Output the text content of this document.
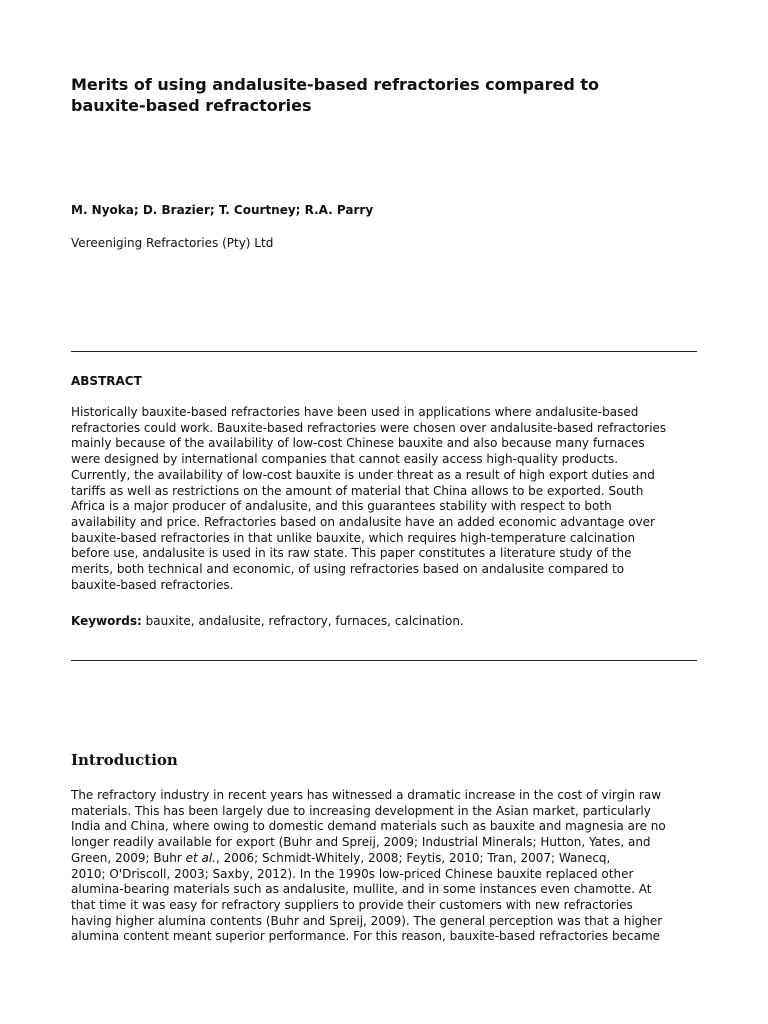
Merits of using andalusite-based refractories compared to
bauxite-based refractories

M. Nyoka; D. Brazier; T. Courtney; R.A. Parry

Vereeniging Refractories (Pty) Ltd

ABSTRACT

Historically bauxite-based refractories have been used in applications where andalusite-based
refractories could work. Bauxite-based refractories were chosen over andalusite-based refractories
mainly because of the availability of low-cost Chinese bauxite and also because many furnaces
were designed by international companies that cannot easily access high-quality products.
Currently, the availability of low-cost bauxite is under threat as a result of high export duties and
tariffs as well as restrictions on the amount of material that China allows to be exported. South
Africa is a major producer of andalusite, and this guarantees stability with respect to both
availability and price. Refractories based on andalusite have an added economic advantage over
bauxite-based refractories in that unlike bauxite, which requires high-temperature calcination
before use, andalusite is used in its raw state. This paper constitutes a literature study of the
merits, both technical and economic, of using refractories based on andalusite compared to
bauxite-based refractories.

Keywords: bauxite, andalusite, refractory, furnaces, calcination.

Introduction

The refractory industry in recent years has witnessed a dramatic increase in the cost of virgin raw
materials. This has been largely due to increasing development in the Asian market, particularly
India and China, where owing to domestic demand materials such as bauxite and magnesia are no
longer readily available for export (Buhr and Spreij, 2009; Industrial Minerals; Hutton, Yates, and
Green, 2009; Buhr et al., 2006; Schmidt-Whitely, 2008; Feytis, 2010; Tran, 2007; Wanecq,
2010; O'Driscoll, 2003; Saxby, 2012). In the 1990s low-priced Chinese bauxite replaced other
alumina-bearing materials such as andalusite, mullite, and in some instances even chamotte. At
that time it was easy for refractory suppliers to provide their customers with new refractories
having higher alumina contents (Buhr and Spreij, 2009). The general perception was that a higher
alumina content meant superior performance. For this reason, bauxite-based refractories became
